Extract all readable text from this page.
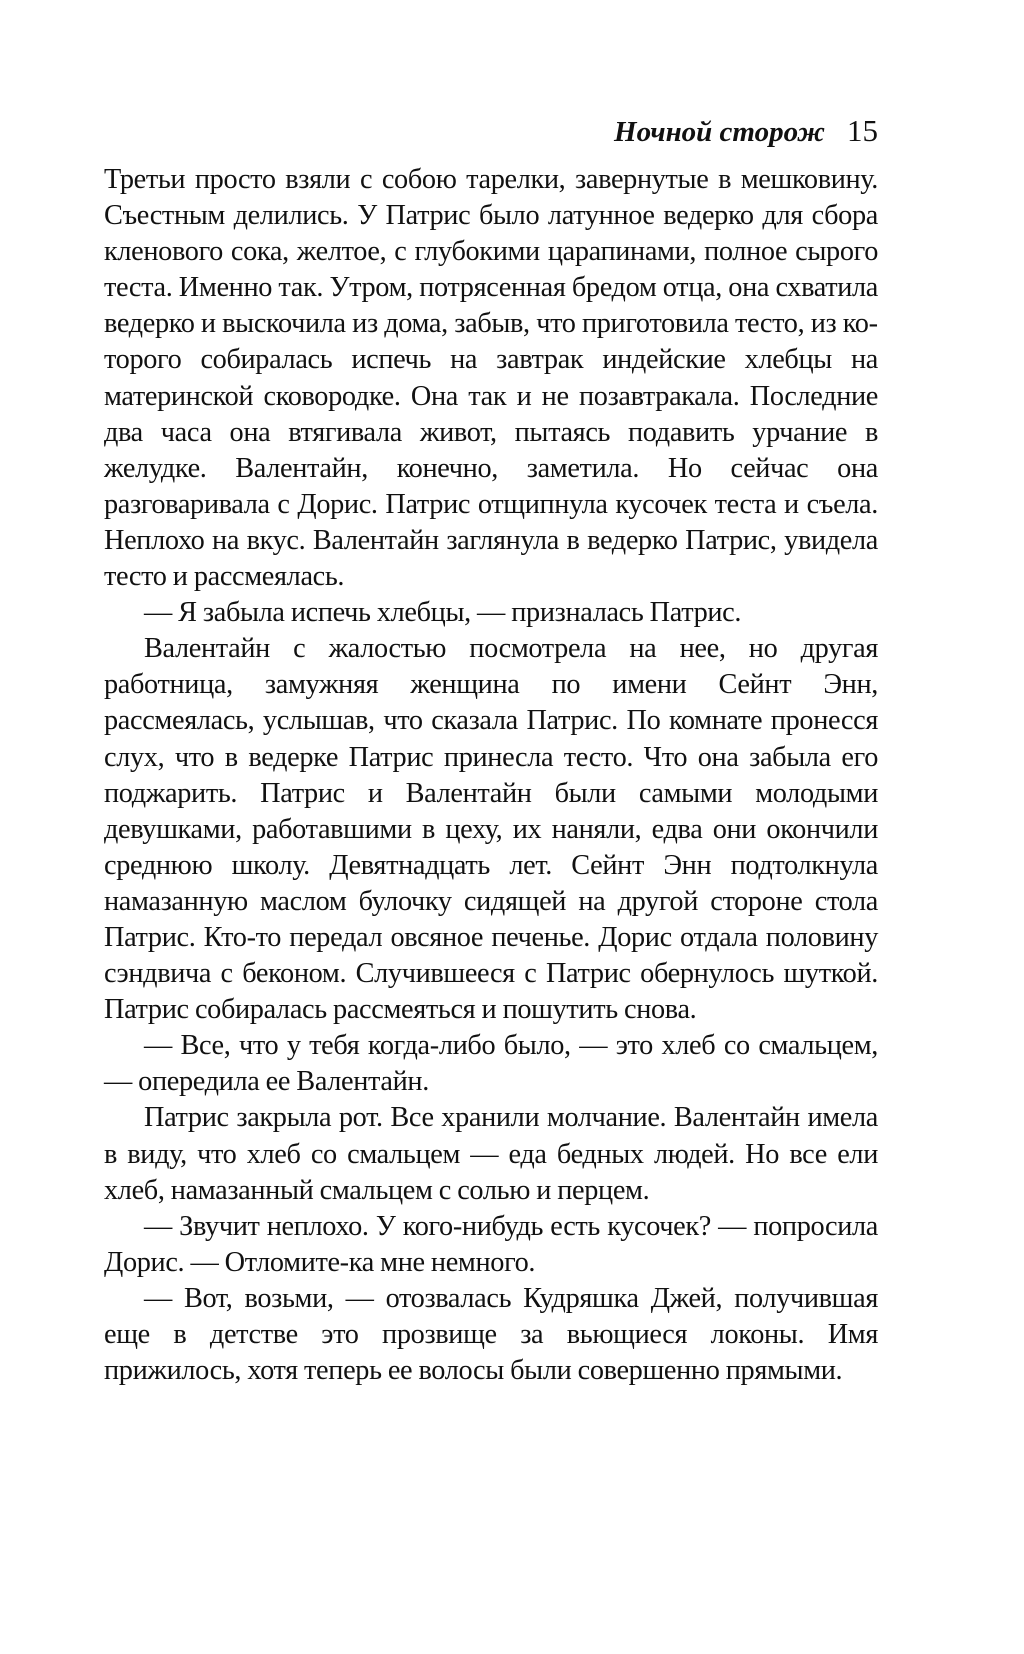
Ночной сторож 15

Третьи просто взяли с собою тарелки, завернутые в мешковину. Съестным делились. У Патрис было латунное ведерко для сбора кленового сока, желтое, с глубокими царапинами, полное сырого теста. Именно так. Утром, потрясенная бредом отца, она схватила ведерко и выскочила из дома, забыв, что приготовила тесто, из которого собиралась испечь на завтрак индейские хлебцы на материнской сковородке. Она так и не позавтракала. Последние два часа она втягивала живот, пытаясь подавить урчание в желудке. Валентайн, конечно, заметила. Но сейчас она разговаривала с Дорис. Патрис отщипнула кусочек теста и съела. Неплохо на вкус. Валентайн заглянула в ведерко Патрис, увидела тесто и рассмеялась.

— Я забыла испечь хлебцы, — призналась Патрис.

Валентайн с жалостью посмотрела на нее, но другая работница, замужняя женщина по имени Сейнт Энн, рассмеялась, услышав, что сказала Патрис. По комнате пронесся слух, что в ведерке Патрис принесла тесто. Что она забыла его поджарить. Патрис и Валентайн были самыми молодыми девушками, работавшими в цеху, их наняли, едва они окончили среднюю школу. Девятнадцать лет. Сейнт Энн подтолкнула намазанную маслом булочку сидящей на другой стороне стола Патрис. Кто-то передал овсяное печенье. Дорис отдала половину сэндвича с беконом. Случившееся с Патрис обернулось шуткой. Патрис собиралась рассмеяться и пошутить снова.

— Все, что у тебя когда-либо было, — это хлеб со смальцем, — опередила ее Валентайн.

Патрис закрыла рот. Все хранили молчание. Валентайн имела в виду, что хлеб со смальцем — еда бедных людей. Но все ели хлеб, намазанный смальцем с солью и перцем.

— Звучит неплохо. У кого-нибудь есть кусочек? — попросила Дорис. — Отломите-ка мне немного.

— Вот, возьми, — отозвалась Кудряшка Джей, получившая еще в детстве это прозвище за вьющиеся локоны. Имя прижилось, хотя теперь ее волосы были совершенно прямыми.
